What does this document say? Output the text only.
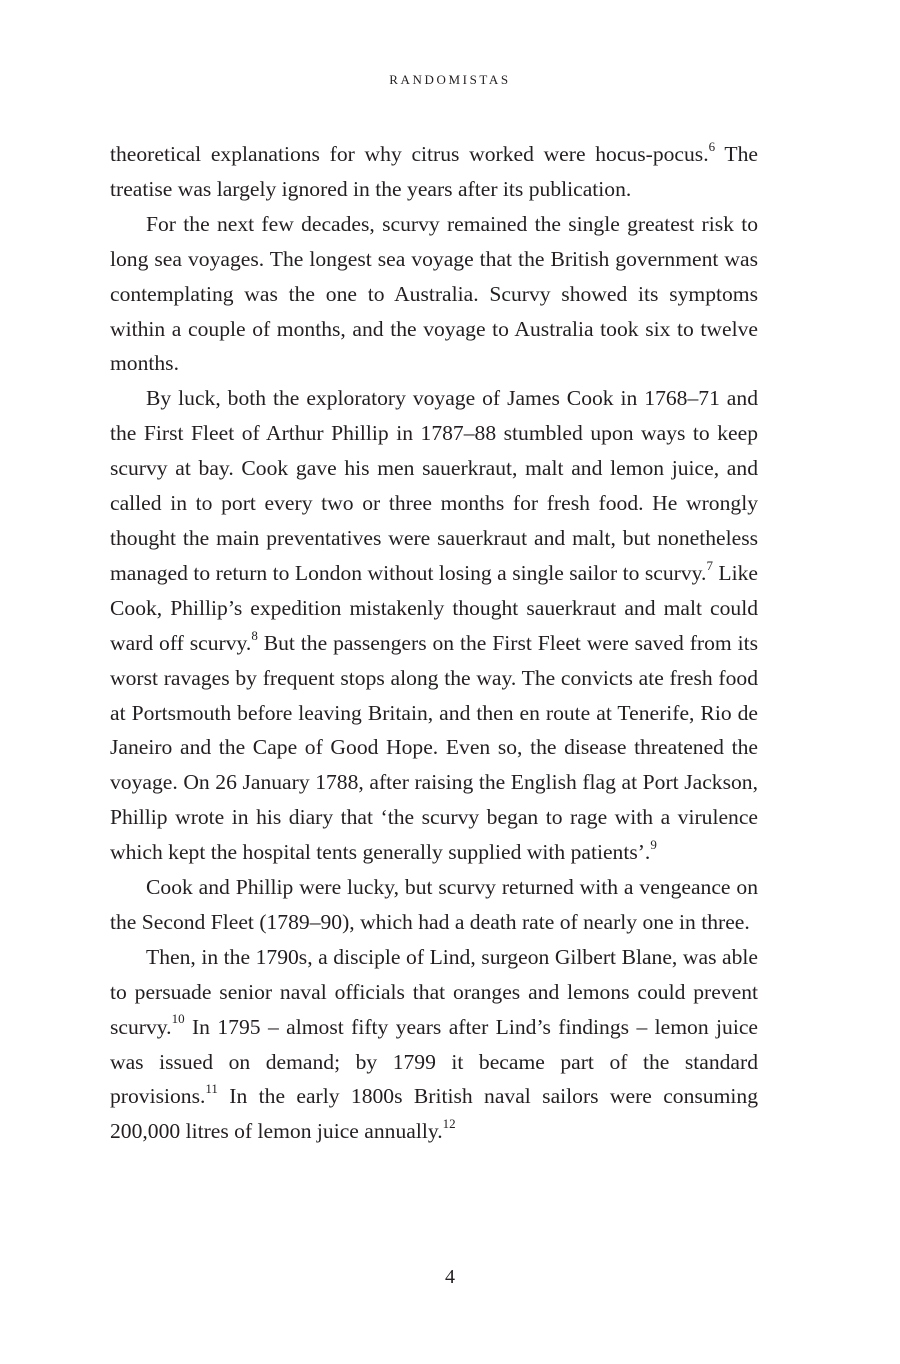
RANDOMISTAS

theoretical explanations for why citrus worked were hocus-pocus.$^6$ The treatise was largely ignored in the years after its publication.

For the next few decades, scurvy remained the single greatest risk to long sea voyages. The longest sea voyage that the British government was contemplating was the one to Australia. Scurvy showed its symptoms within a couple of months, and the voyage to Australia took six to twelve months.

By luck, both the exploratory voyage of James Cook in 1768–71 and the First Fleet of Arthur Phillip in 1787–88 stumbled upon ways to keep scurvy at bay. Cook gave his men sauerkraut, malt and lemon juice, and called in to port every two or three months for fresh food. He wrongly thought the main preventatives were sauerkraut and malt, but nonetheless managed to return to London without losing a single sailor to scurvy.$^7$ Like Cook, Phillip’s expedition mistakenly thought sauerkraut and malt could ward off scurvy.$^8$ But the passengers on the First Fleet were saved from its worst ravages by frequent stops along the way. The convicts ate fresh food at Portsmouth before leaving Britain, and then en route at Tenerife, Rio de Janeiro and the Cape of Good Hope. Even so, the disease threatened the voyage. On 26 January 1788, after raising the English flag at Port Jackson, Phillip wrote in his diary that ‘the scurvy began to rage with a virulence which kept the hospital tents generally supplied with patients’.$^9$

Cook and Phillip were lucky, but scurvy returned with a vengeance on the Second Fleet (1789–90), which had a death rate of nearly one in three.

Then, in the 1790s, a disciple of Lind, surgeon Gilbert Blane, was able to persuade senior naval officials that oranges and lemons could prevent scurvy.$^{10}$ In 1795 – almost fifty years after Lind’s findings – lemon juice was issued on demand; by 1799 it became part of the standard provisions.$^{11}$ In the early 1800s British naval sailors were consuming 200,000 litres of lemon juice annually.$^{12}$

4
